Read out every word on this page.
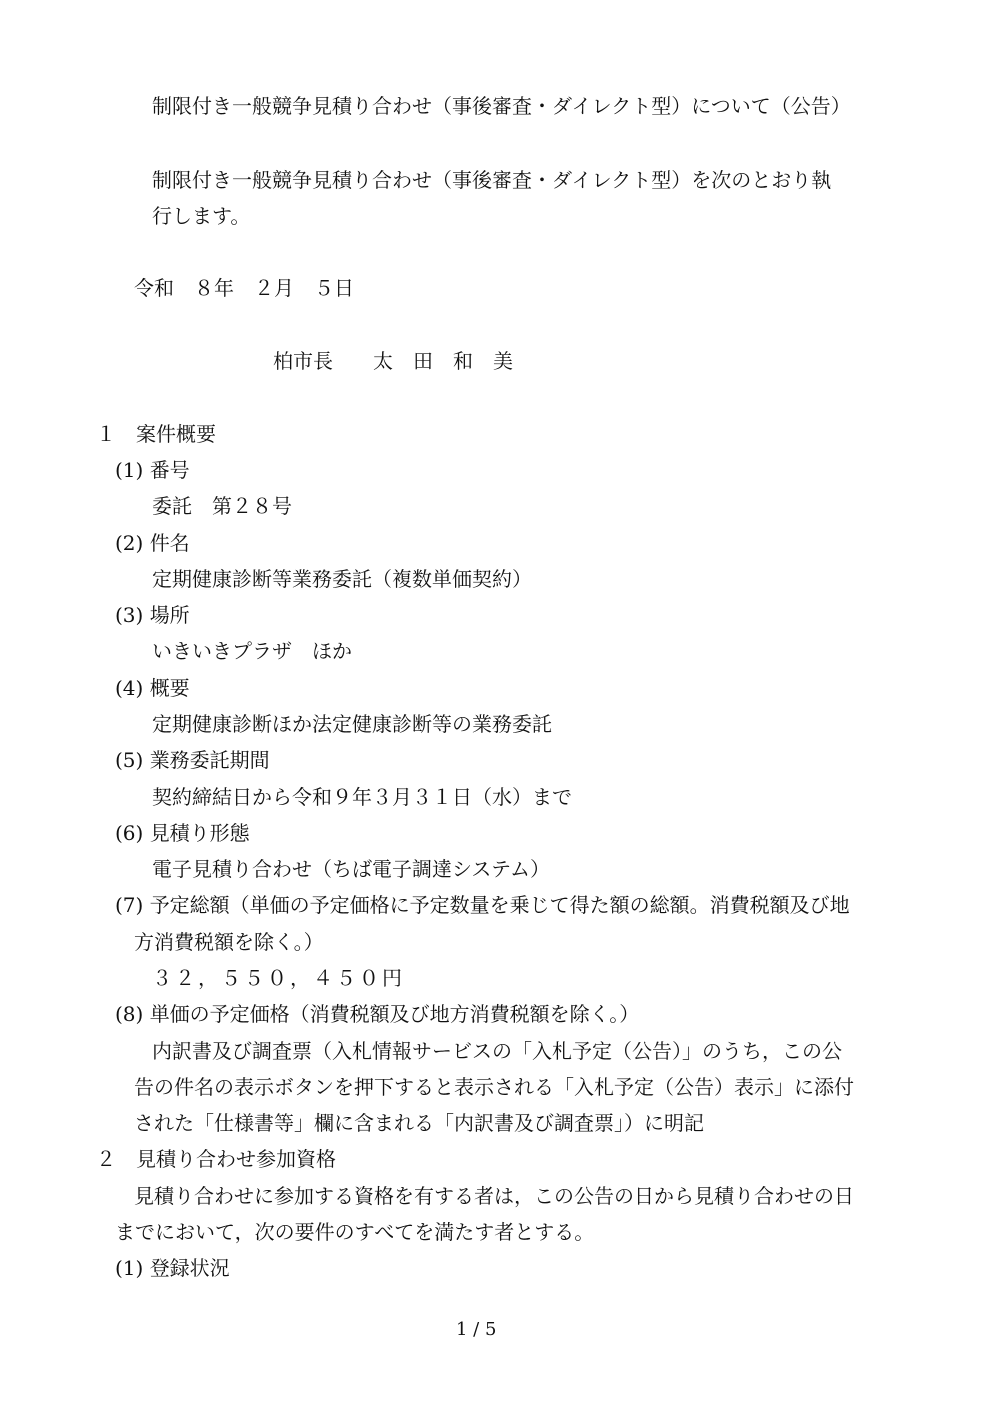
制限付き一般競争見積り合わせ（事後審査・ダイレクト型）について（公告）
制限付き一般競争見積り合わせ（事後審査・ダイレクト型）を次のとおり執
行します。
令和　８年　２月　５日
柏市長　　太　田　和　美
１　案件概要
(1) 番号
委託　第２８号
(2) 件名
定期健康診断等業務委託（複数単価契約）
(3) 場所
いきいきプラザ　ほか
(4) 概要
定期健康診断ほか法定健康診断等の業務委託
(5) 業務委託期間
契約締結日から令和９年３月３１日（水）まで
(6) 見積り形態
電子見積り合わせ（ちば電子調達システム）
(7) 予定総額（単価の予定価格に予定数量を乗じて得た額の総額。消費税額及び地
方消費税額を除く。）
３２，５５０，４５０円
(8) 単価の予定価格（消費税額及び地方消費税額を除く。）
内訳書及び調査票（入札情報サービスの「入札予定（公告）」のうち，この公
告の件名の表示ボタンを押下すると表示される「入札予定（公告）表示」に添付
された「仕様書等」欄に含まれる「内訳書及び調査票」）に明記
２　見積り合わせ参加資格
見積り合わせに参加する資格を有する者は，この公告の日から見積り合わせの日
までにおいて，次の要件のすべてを満たす者とする。
(1) 登録状況
1 / 5
